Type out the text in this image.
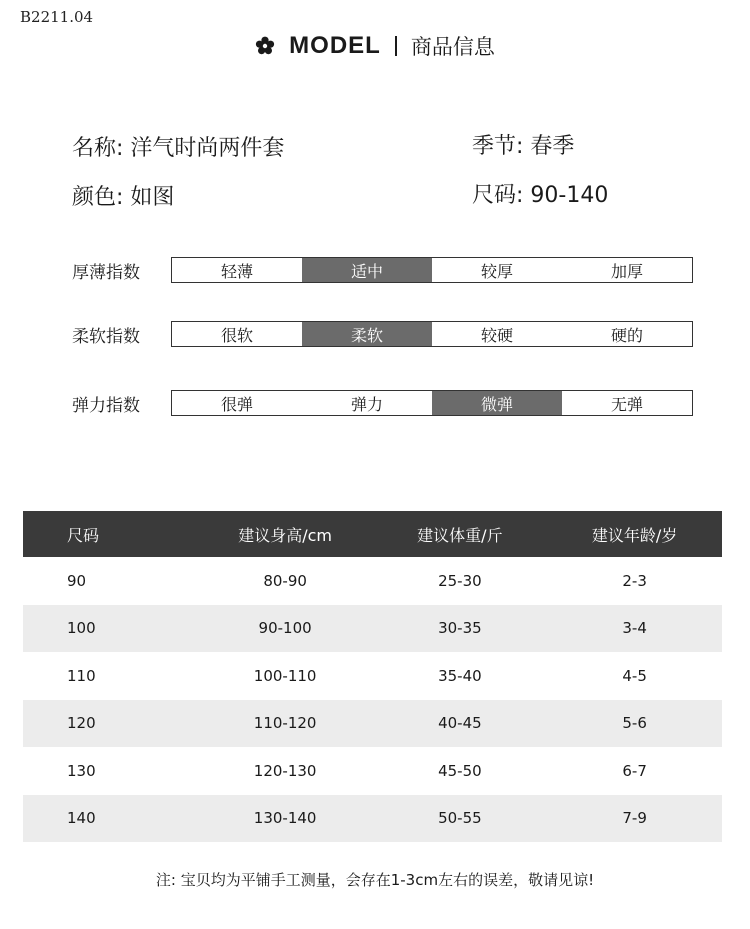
B2211.04
MODEL 商品信息
名称: 洋气时尚两件套	季节: 春季
颜色: 如图	尺码: 90-140
厚薄指数	轻薄	适中	较厚	加厚
柔软指数	很软	柔软	较硬	硬的
弹力指数	很弹	弹力	微弹	无弹
尺码	建议身高/cm	建议体重/斤	建议年龄/岁
90	80-90	25-30	2-3
100	90-100	30-35	3-4
110	100-110	35-40	4-5
120	110-120	40-45	5-6
130	120-130	45-50	6-7
140	130-140	50-55	7-9
注: 宝贝均为平铺手工测量，会存在1-3cm左右的误差，敬请见谅!
